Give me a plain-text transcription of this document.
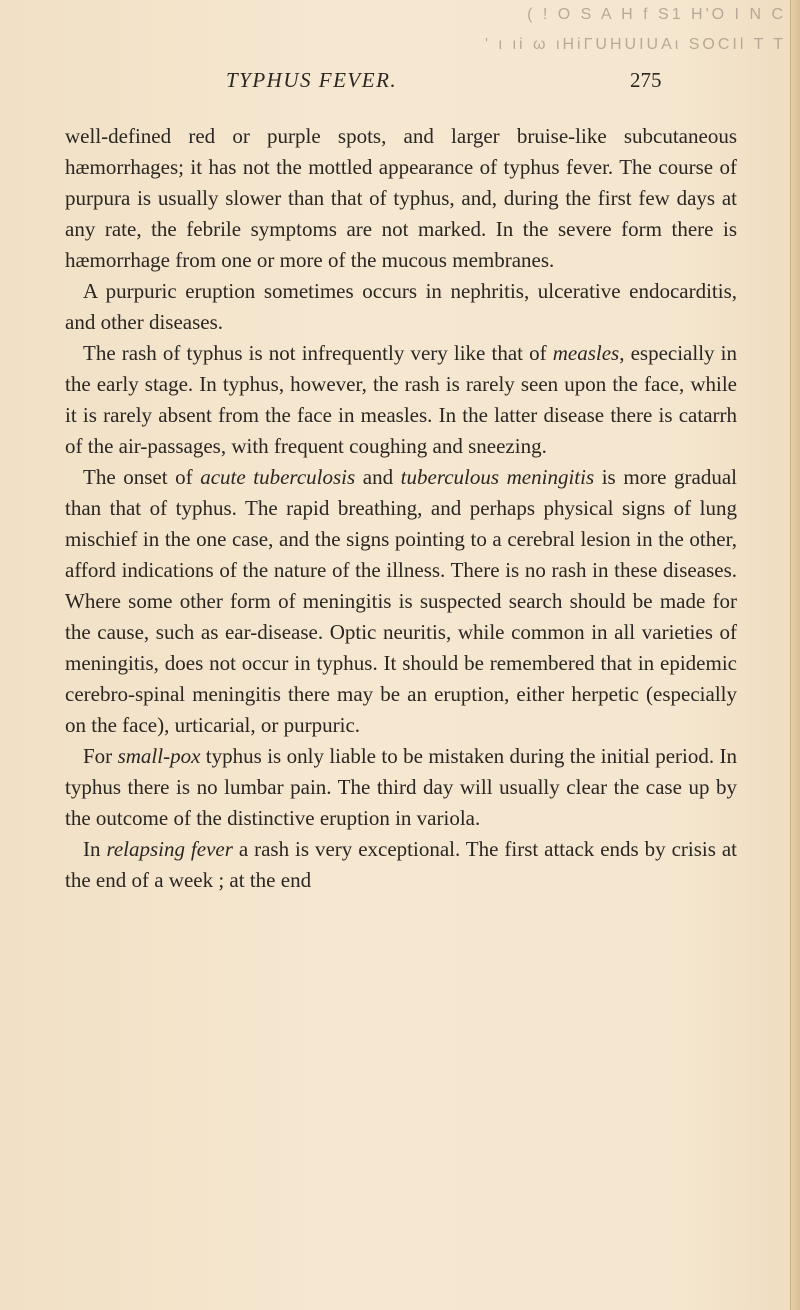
( ! O S A H f S1 H'O I N C
' ι ιi ω ιHiΓUHUIUAι SOCIl T T
TYPHUS FEVER.	275

well-defined red or purple spots, and larger bruise-like subcutaneous hæmorrhages; it has not the mottled appearance of typhus fever. The course of purpura is usually slower than that of typhus, and, during the first few days at any rate, the febrile symptoms are not marked. In the severe form there is hæmorrhage from one or more of the mucous membranes.

A purpuric eruption sometimes occurs in nephritis, ulcerative endocarditis, and other diseases.

The rash of typhus is not infrequently very like that of measles, especially in the early stage. In typhus, however, the rash is rarely seen upon the face, while it is rarely absent from the face in measles. In the latter disease there is catarrh of the air-passages, with frequent coughing and sneezing.

The onset of acute tuberculosis and tuberculous meningitis is more gradual than that of typhus. The rapid breathing, and perhaps physical signs of lung mischief in the one case, and the signs pointing to a cerebral lesion in the other, afford indications of the nature of the illness. There is no rash in these diseases. Where some other form of meningitis is suspected search should be made for the cause, such as ear-disease. Optic neuritis, while common in all varieties of meningitis, does not occur in typhus. It should be remembered that in epidemic cerebro-spinal meningitis there may be an eruption, either herpetic (especially on the face), urticarial, or purpuric.

For small-pox typhus is only liable to be mistaken during the initial period. In typhus there is no lumbar pain. The third day will usually clear the case up by the outcome of the distinctive eruption in variola.

In relapsing fever a rash is very exceptional. The first attack ends by crisis at the end of a week ; at the end
